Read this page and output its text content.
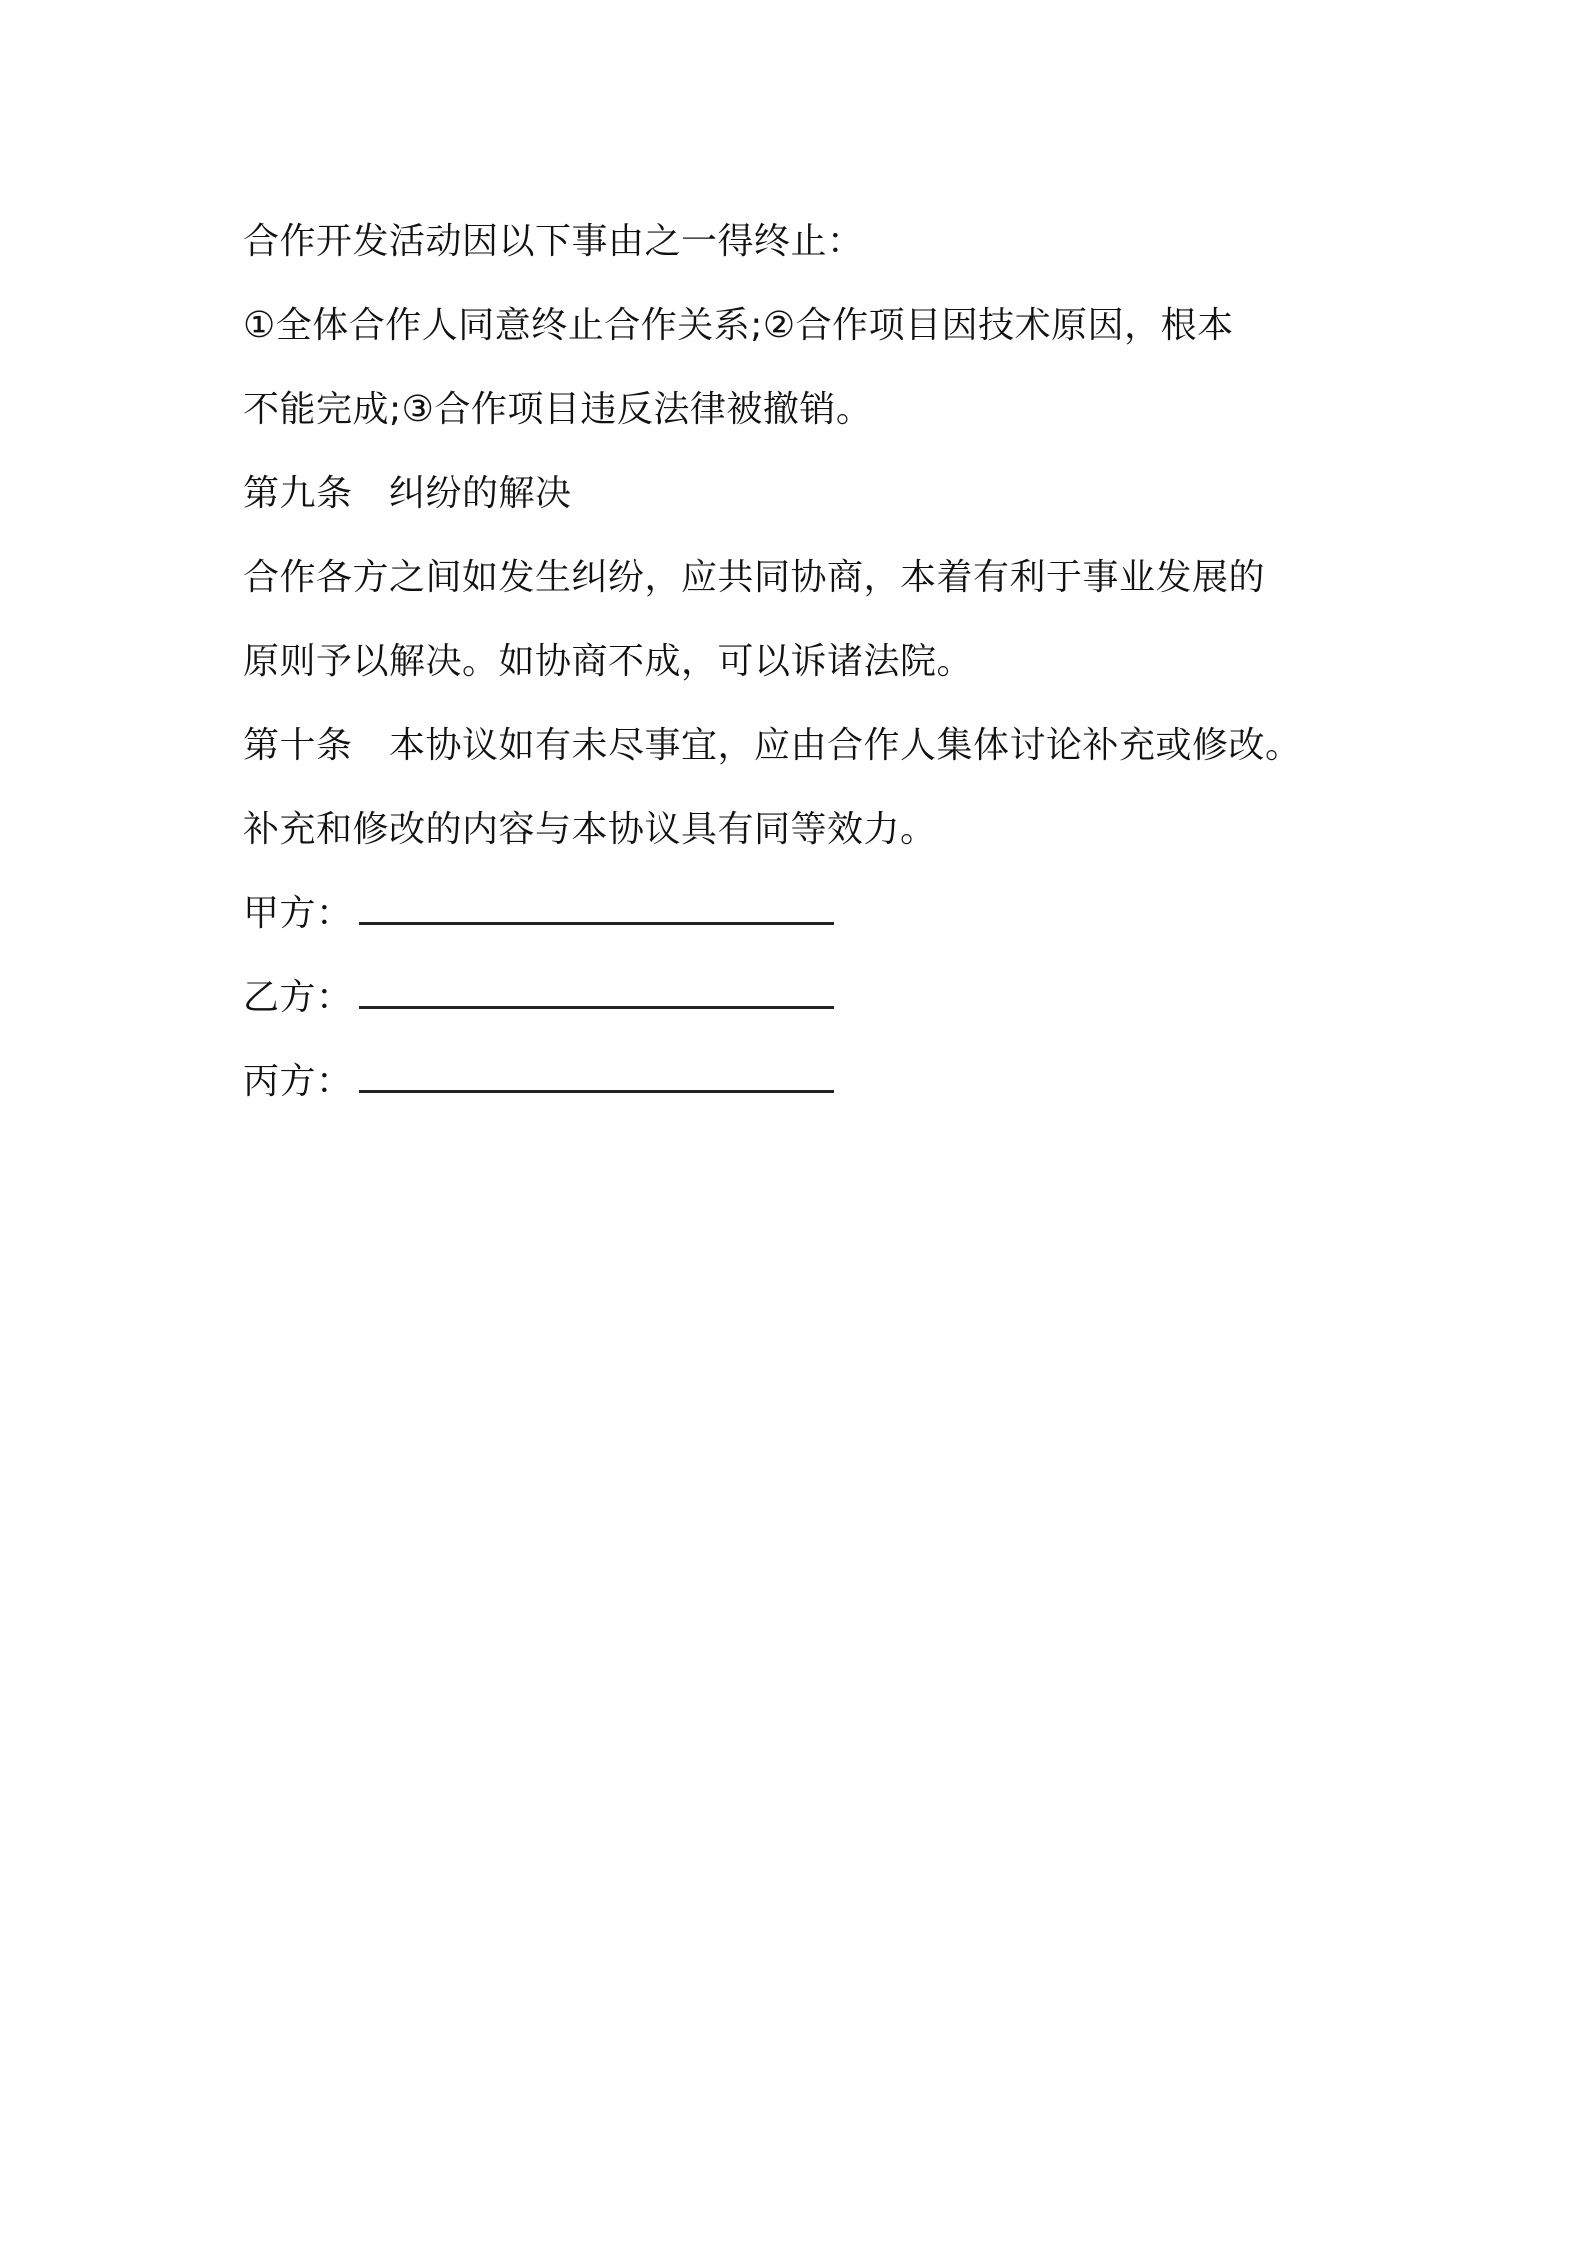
合作开发活动因以下事由之一得终止：
①全体合作人同意终止合作关系;②合作项目因技术原因，根本
不能完成;③合作项目违反法律被撤销。
第九条　纠纷的解决
合作各方之间如发生纠纷，应共同协商，本着有利于事业发展的
原则予以解决。如协商不成，可以诉诸法院。
第十条　本协议如有未尽事宜，应由合作人集体讨论补充或修改。
补充和修改的内容与本协议具有同等效力。
甲方：
乙方：
丙方：
